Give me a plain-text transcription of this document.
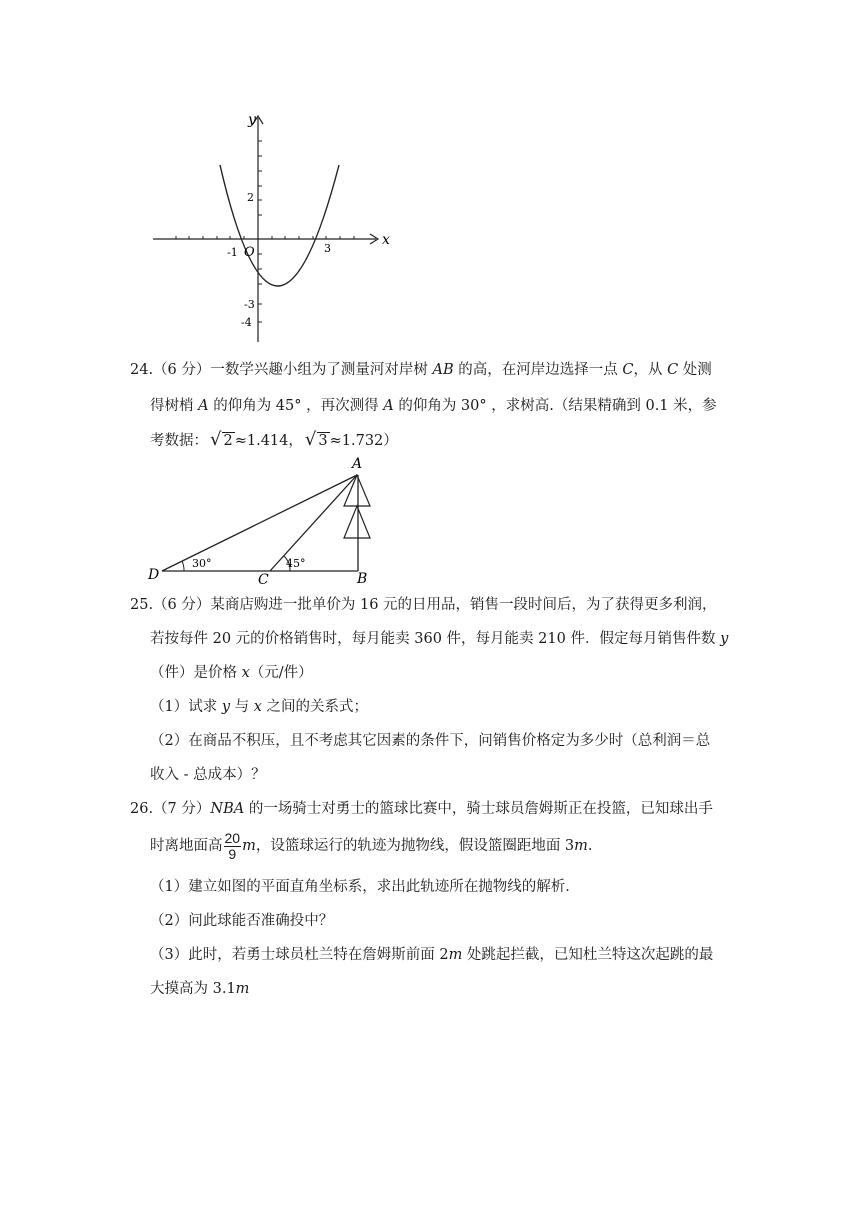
y
x
O
2
-3
-4
-1	3
24.（6 分）一数学兴趣小组为了测量河对岸树 AB 的高，在河岸边选择一点 C，从 C 处测
得树梢 A 的仰角为 45° ，再次测得 A 的仰角为 30° ，求树高.（结果精确到 0.1 米，参
考数据： √ 2 ≈1.414， √ 3 ≈1.732）
A
B
C
D
30°	45°
25.（6 分）某商店购进一批单价为 16 元的日用品，销售一段时间后，为了获得更多利润，
若按每件 20 元的价格销售时，每月能卖 360 件，每月能卖 210 件．假定每月销售件数 y
（件）是价格 x（元/件）
（1）试求 y 与 x 之间的关系式；
（2）在商品不积压，且不考虑其它因素的条件下，问销售价格定为多少时（总利润＝总
收入 - 总成本）？
26.（7 分）NBA 的一场骑士对勇士的篮球比赛中，骑士球员詹姆斯正在投篮，已知球出手
时离地面高 $\frac{20}{9}$ m，设篮球运行的轨迹为抛物线，假设篮圈距地面 3m.
（1）建立如图的平面直角坐标系，求出此轨迹所在抛物线的解析．
（2）问此球能否准确投中？
（3）此时，若勇士球员杜兰特在詹姆斯前面 2m 处跳起拦截，已知杜兰特这次起跳的最
大摸高为 3.1m
